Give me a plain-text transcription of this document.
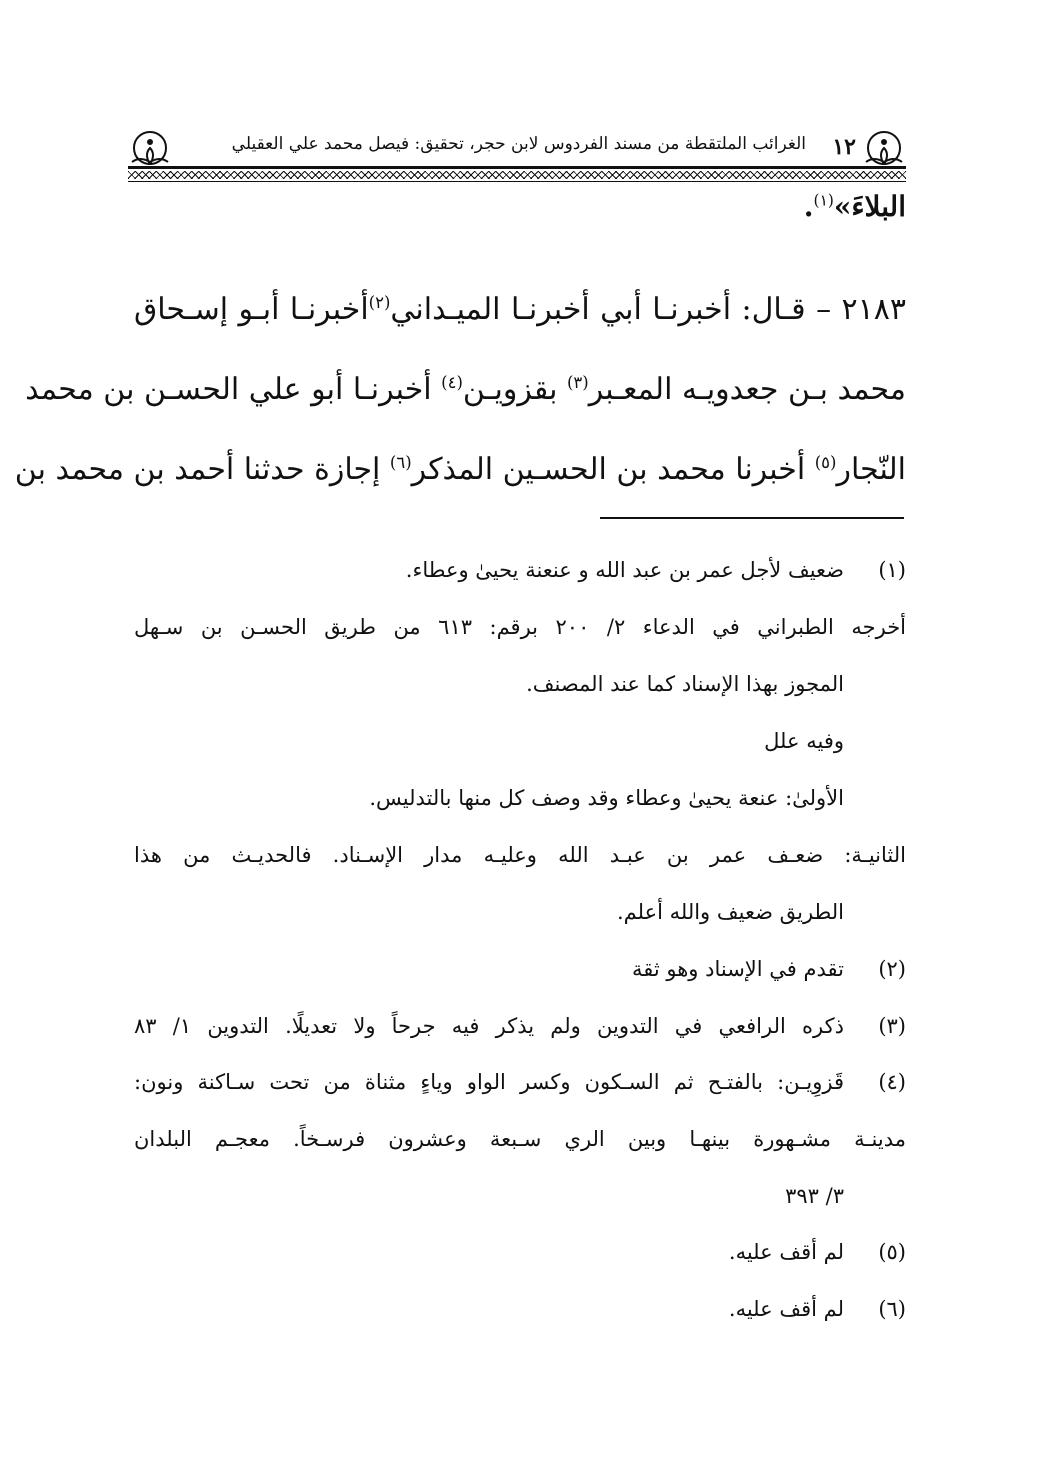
١٢
الغرائب الملتقطة من مسند الفردوس لابن حجر، تحقيق: فيصل محمد علي العقيلي
البلاءَ»$^{(١)}$.
٢١٨٣ – قـال: أخبرنـا أبي أخبرنـا الميـداني$^{(٢)}$أخبرنـا أبـو إسـحاق
محمد بـن جعدويـه المعـبر$^{(٣)}$ بقزويـن$^{(٤)}$ أخبرنـا أبو علي الحسـن بن محمد
النّجار$^{(٥)}$ أخبرنا محمد بن الحسـين المذكر$^{(٦)}$ إجازة حدثنا أحمد بن محمد بن
(١)ضعيف لأجل عمر بن عبد الله و عنعنة يحيىٰ وعطاء.
أخرجه الطبراني في الدعاء ٢/ ٢٠٠ برقم: ٦١٣ من طريق الحسـن بن سـهل
المجوز بهذا الإسناد كما عند المصنف.
وفيه علل
الأولىٰ: عنعة يحيىٰ وعطاء وقد وصف كل منها بالتدليس.
الثانيـة: ضعـف عمر بن عبـد الله وعليـه مدار الإسـناد. فالحديـث من هذا
الطريق ضعيف والله أعلم.
(٢)تقدم في الإسناد وهو ثقة
(٣)ذكره الرافعي في التدوين ولم يذكر فيه جرحاً ولا تعديلًا. التدوين ١/ ٨٣
(٤)قَزوِيـن: بالفتـح ثم السـكون وكسر الواو وياءٍ مثناة من تحت سـاكنة ونون:
مدينـة مشـهورة بينهـا وبين الري سـبعة وعشرون فرسـخاً. معجـم البلدان
٣/ ٣٩٣
(٥)لم أقف عليه.
(٦)لم أقف عليه.
